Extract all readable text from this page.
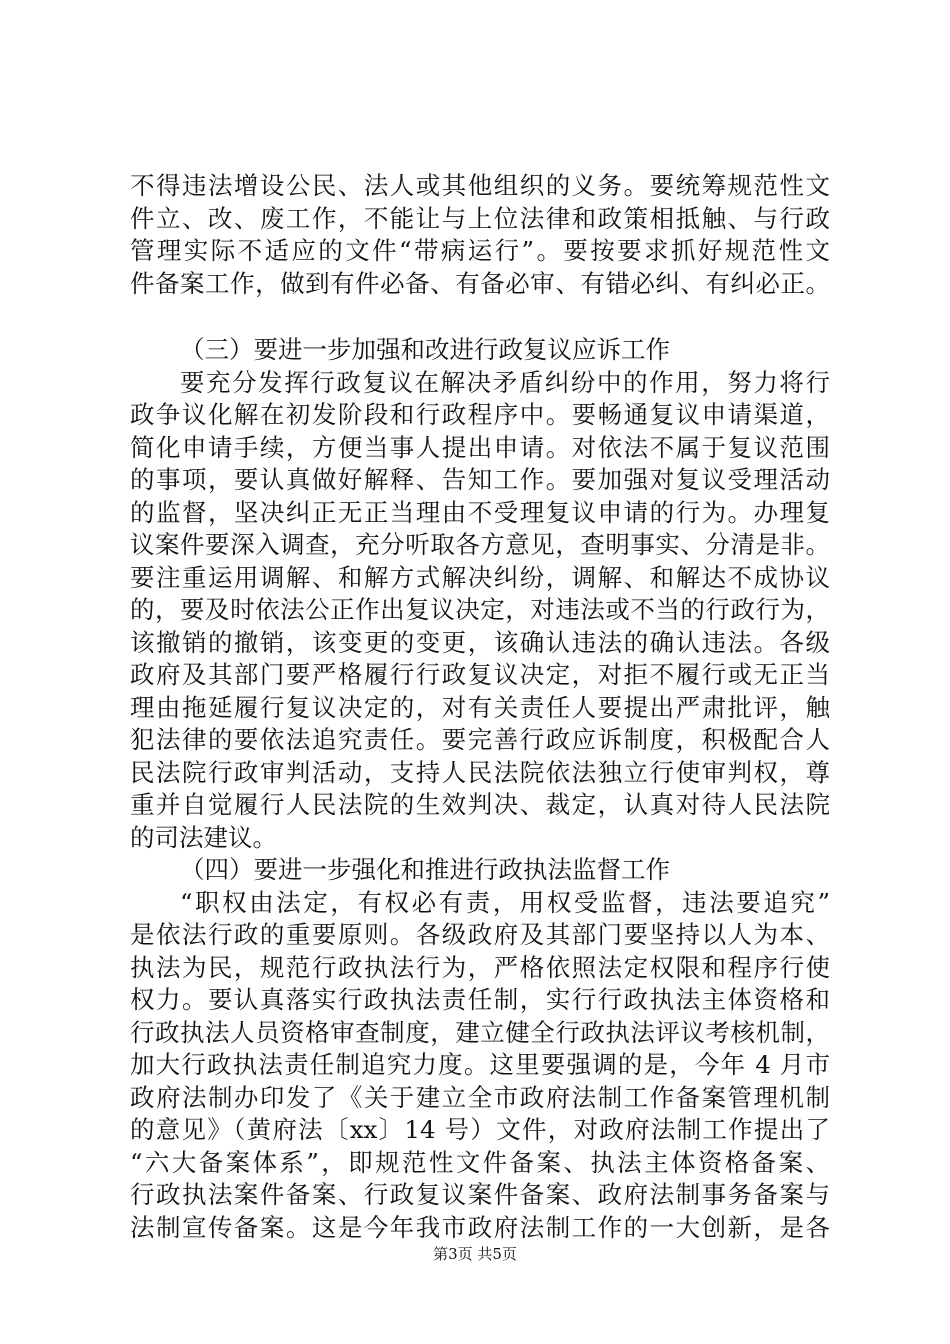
不得违法增设公民、法人或其他组织的义务。要统筹规范性文
件立、改、废工作，不能让与上位法律和政策相抵触、与行政
管理实际不适应的文件“带病运行”。要按要求抓好规范性文
件备案工作，做到有件必备、有备必审、有错必纠、有纠必正。
（三）要进一步加强和改进行政复议应诉工作
要充分发挥行政复议在解决矛盾纠纷中的作用，努力将行
政争议化解在初发阶段和行政程序中。要畅通复议申请渠道，
简化申请手续，方便当事人提出申请。对依法不属于复议范围
的事项，要认真做好解释、告知工作。要加强对复议受理活动
的监督，坚决纠正无正当理由不受理复议申请的行为。办理复
议案件要深入调查，充分听取各方意见，查明事实、分清是非。
要注重运用调解、和解方式解决纠纷，调解、和解达不成协议
的，要及时依法公正作出复议决定，对违法或不当的行政行为，
该撤销的撤销，该变更的变更，该确认违法的确认违法。各级
政府及其部门要严格履行行政复议决定，对拒不履行或无正当
理由拖延履行复议决定的，对有关责任人要提出严肃批评，触
犯法律的要依法追究责任。要完善行政应诉制度，积极配合人
民法院行政审判活动，支持人民法院依法独立行使审判权，尊
重并自觉履行人民法院的生效判决、裁定，认真对待人民法院
的司法建议。
（四）要进一步强化和推进行政执法监督工作
“职权由法定，有权必有责，用权受监督，违法要追究”
是依法行政的重要原则。各级政府及其部门要坚持以人为本、
执法为民，规范行政执法行为，严格依照法定权限和程序行使
权力。要认真落实行政执法责任制，实行行政执法主体资格和
行政执法人员资格审查制度，建立健全行政执法评议考核机制，
加大行政执法责任制追究力度。这里要强调的是，今年 4 月市
政府法制办印发了《关于建立全市政府法制工作备案管理机制
的意见》（黄府法〔xx〕14 号）文件，对政府法制工作提出了
“六大备案体系”，即规范性文件备案、执法主体资格备案、
行政执法案件备案、行政复议案件备案、政府法制事务备案与
法制宣传备案。这是今年我市政府法制工作的一大创新，是各
第3页 共5页
